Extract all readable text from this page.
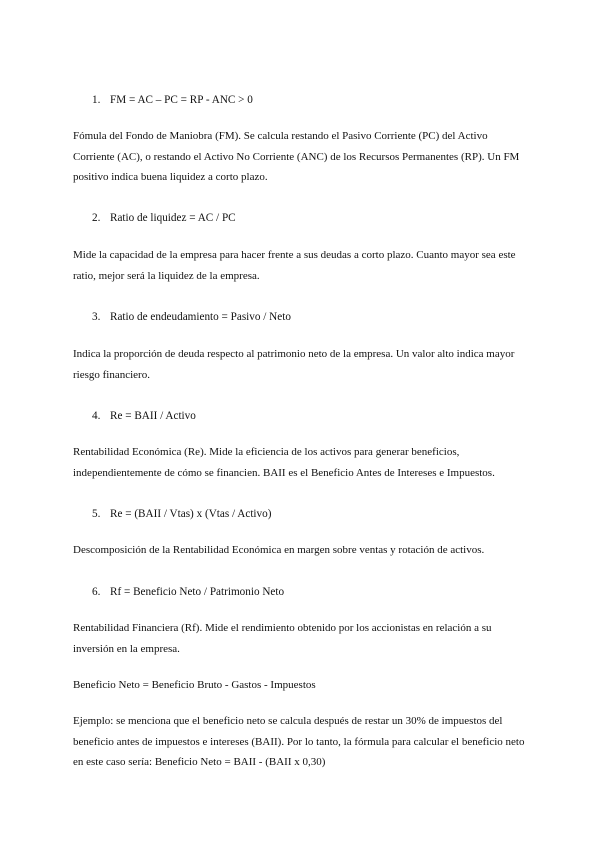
1. FM = AC – PC = RP - ANC > 0
Fómula del Fondo de Maniobra (FM). Se calcula restando el Pasivo Corriente (PC) del Activo
Corriente (AC), o restando el Activo No Corriente (ANC) de los Recursos Permanentes (RP). Un FM
positivo indica buena liquidez a corto plazo.
2. Ratio de liquidez = AC / PC
Mide la capacidad de la empresa para hacer frente a sus deudas a corto plazo. Cuanto mayor sea este
ratio, mejor será la liquidez de la empresa.
3. Ratio de endeudamiento = Pasivo / Neto
Indica la proporción de deuda respecto al patrimonio neto de la empresa. Un valor alto indica mayor
riesgo financiero.
4. Re = BAII / Activo
Rentabilidad Económica (Re). Mide la eficiencia de los activos para generar beneficios,
independientemente de cómo se financien. BAII es el Beneficio Antes de Intereses e Impuestos.
5. Re = (BAII / Vtas) x (Vtas / Activo)
Descomposición de la Rentabilidad Económica en margen sobre ventas y rotación de activos.
6. Rf = Beneficio Neto / Patrimonio Neto
Rentabilidad Financiera (Rf). Mide el rendimiento obtenido por los accionistas en relación a su
inversión en la empresa.
Beneficio Neto = Beneficio Bruto - Gastos - Impuestos
Ejemplo: se menciona que el beneficio neto se calcula después de restar un 30% de impuestos del
beneficio antes de impuestos e intereses (BAII). Por lo tanto, la fórmula para calcular el beneficio neto
en este caso sería: Beneficio Neto = BAII - (BAII x 0,30)
